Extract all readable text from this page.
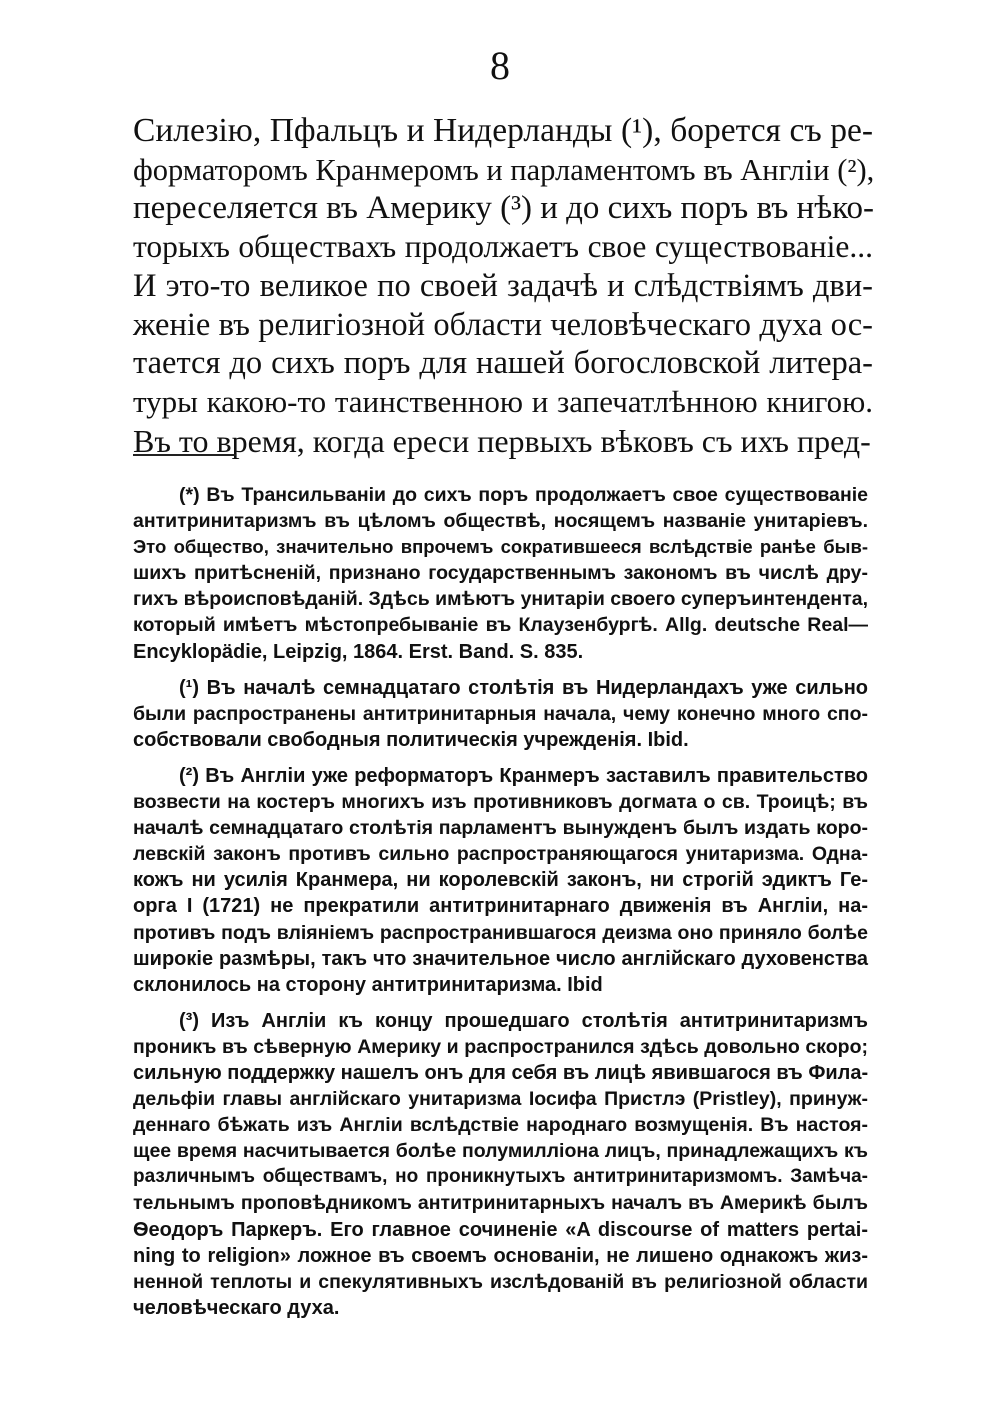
8
Силезію, Пфальцъ и Нидерланды (¹), борется съ ре-
форматоромъ Кранмеромъ и парламентомъ въ Англіи (²),
переселяется въ Америку (³) и до сихъ поръ въ нѣко-
торыхъ обществахъ продолжаетъ свое существованіе...
И это-то великое по своей задачѣ и слѣдствіямъ дви-
женіе въ религіозной области человѣческаго духа ос-
тается до сихъ поръ для нашей богословской литера-
туры какою-то таинственною и запечатлѣнною книгою.
Въ то время, когда ереси первыхъ вѣковъ съ ихъ пред-
(*) Въ Трансильваніи до сихъ поръ продолжаетъ свое существованіе
антитринитаризмъ въ цѣломъ обществѣ, носящемъ названіе унитаріевъ.
Это общество, значительно впрочемъ сократившееся вслѣдствіе ранѣе быв-
шихъ притѣсненій, признано государственнымъ закономъ въ числѣ дру-
гихъ вѣроисповѣданій. Здѣсь имѣютъ унитаріи своего суперъинтендента,
который имѣетъ мѣстопребываніе въ Клаузенбургѣ. Allg. deutsche Real—
Encyklopädie, Leipzig, 1864. Erst. Band. S. 835.
(¹) Въ началѣ семнадцатаго столѣтія въ Нидерландахъ уже сильно
были распространены антитринитарныя начала, чему конечно много спо-
собствовали свободныя политическія учрежденія. Ibid.
(²) Въ Англіи уже реформаторъ Кранмеръ заставилъ правительство
возвести на костеръ многихъ изъ противниковъ догмата о св. Троицѣ; въ
началѣ семнадцатаго столѣтія парламентъ вынужденъ былъ издать коро-
левскій законъ противъ сильно распространяющагося унитаризма. Одна-
кожъ ни усилія Кранмера, ни королевскій законъ, ни строгій эдиктъ Ге-
орга I (1721) не прекратили антитринитарнаго движенія въ Англіи, на-
противъ подъ вліяніемъ распространившагося деизма оно приняло болѣе
широкіе размѣры, такъ что значительное число англійскаго духовенства
склонилось на сторону антитринитаризма. Ibid
(³) Изъ Англіи къ концу прошедшаго столѣтія антитринитаризмъ
проникъ въ сѣверную Америку и распространился здѣсь довольно скоро;
сильную поддержку нашелъ онъ для себя въ лицѣ явившагося въ Фила-
дельфіи главы англійскаго унитаризма Іосифа Пристлэ (Pristley), принуж-
деннаго бѣжать изъ Англіи вслѣдствіе народнаго возмущенія. Въ настоя-
щее время насчитывается болѣе полумилліона лицъ, принадлежащихъ къ
различнымъ обществамъ, но проникнутыхъ антитринитаризмомъ. Замѣча-
тельнымъ проповѣдникомъ антитринитарныхъ началъ въ Америкѣ былъ
Ѳеодоръ Паркеръ. Его главное сочиненіе «A discourse of matters pertai-
ning to religion» ложное въ своемъ основаніи, не лишено однакожъ жиз-
ненной теплоты и спекулятивныхъ изслѣдованій въ религіозной области
человѣческаго духа.
